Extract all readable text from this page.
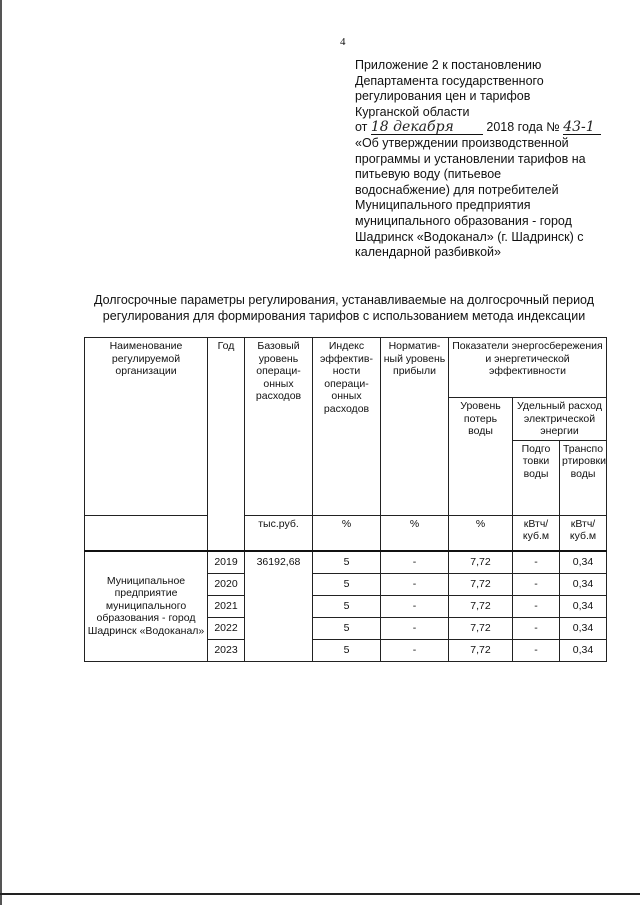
4
Приложение 2 к постановлению
Департамента государственного
регулирования цен и тарифов
Курганской области
от 18 декабря	2018 года № 43-1
«Об утверждении производственной
программы и установлении тарифов на
питьевую воду (питьевое
водоснабжение) для потребителей
Муниципального предприятия
муниципального образования - город
Шадринск «Водоканал» (г. Шадринск) с
календарной разбивкой»
Долгосрочные параметры регулирования, устанавливаемые на долгосрочный период
регулирования для формирования тарифов с использованием метода индексации
Наименование регулируемой организации	Год	Базовый уровень операци- онных расходов	Индекс эффектив- ности операци- онных расходов	Норматив- ный уровень прибыли	Показатели энергосбережения и энергетической эффективности		
					Уровень потерь воды	Удельный расход электрической энергии	
						Подго товки воды	Транспо ртировки воды
		тыс.руб.	%	%	%	кВтч/ куб.м	кВтч/ куб.м
Муниципальное предприятие муниципального образования - город Шадринск «Водоканал»	2019	36192,68	5	-	7,72	-	0,34
	2020		5	-	7,72	-	0,34
	2021		5	-	7,72	-	0,34
	2022		5	-	7,72	-	0,34
	2023		5	-	7,72	-	0,34
